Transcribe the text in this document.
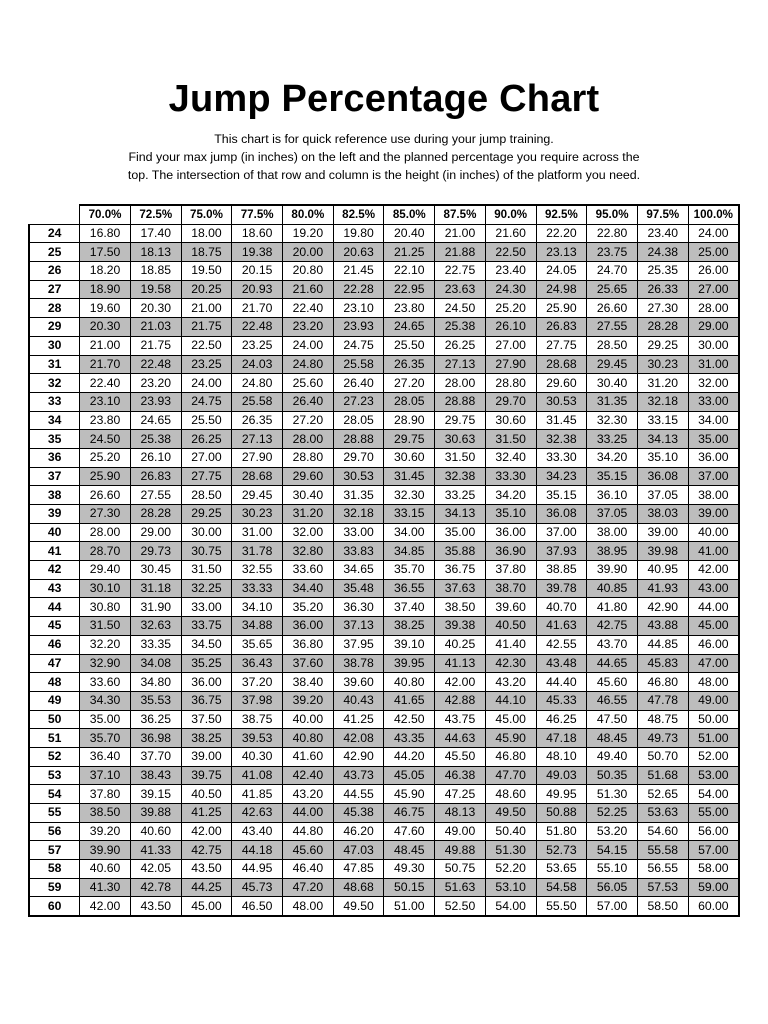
Jump Percentage Chart
This chart is for quick reference use during your jump training.
Find your max jump (in inches) on the left and the planned percentage you require across the
top. The intersection of that row and column is the height (in inches) of the platform you need.
	70.0%	72.5%	75.0%	77.5%	80.0%	82.5%	85.0%	87.5%	90.0%	92.5%	95.0%	97.5%	100.0%
24	16.80	17.40	18.00	18.60	19.20	19.80	20.40	21.00	21.60	22.20	22.80	23.40	24.00
25	17.50	18.13	18.75	19.38	20.00	20.63	21.25	21.88	22.50	23.13	23.75	24.38	25.00
26	18.20	18.85	19.50	20.15	20.80	21.45	22.10	22.75	23.40	24.05	24.70	25.35	26.00
27	18.90	19.58	20.25	20.93	21.60	22.28	22.95	23.63	24.30	24.98	25.65	26.33	27.00
28	19.60	20.30	21.00	21.70	22.40	23.10	23.80	24.50	25.20	25.90	26.60	27.30	28.00
29	20.30	21.03	21.75	22.48	23.20	23.93	24.65	25.38	26.10	26.83	27.55	28.28	29.00
30	21.00	21.75	22.50	23.25	24.00	24.75	25.50	26.25	27.00	27.75	28.50	29.25	30.00
31	21.70	22.48	23.25	24.03	24.80	25.58	26.35	27.13	27.90	28.68	29.45	30.23	31.00
32	22.40	23.20	24.00	24.80	25.60	26.40	27.20	28.00	28.80	29.60	30.40	31.20	32.00
33	23.10	23.93	24.75	25.58	26.40	27.23	28.05	28.88	29.70	30.53	31.35	32.18	33.00
34	23.80	24.65	25.50	26.35	27.20	28.05	28.90	29.75	30.60	31.45	32.30	33.15	34.00
35	24.50	25.38	26.25	27.13	28.00	28.88	29.75	30.63	31.50	32.38	33.25	34.13	35.00
36	25.20	26.10	27.00	27.90	28.80	29.70	30.60	31.50	32.40	33.30	34.20	35.10	36.00
37	25.90	26.83	27.75	28.68	29.60	30.53	31.45	32.38	33.30	34.23	35.15	36.08	37.00
38	26.60	27.55	28.50	29.45	30.40	31.35	32.30	33.25	34.20	35.15	36.10	37.05	38.00
39	27.30	28.28	29.25	30.23	31.20	32.18	33.15	34.13	35.10	36.08	37.05	38.03	39.00
40	28.00	29.00	30.00	31.00	32.00	33.00	34.00	35.00	36.00	37.00	38.00	39.00	40.00
41	28.70	29.73	30.75	31.78	32.80	33.83	34.85	35.88	36.90	37.93	38.95	39.98	41.00
42	29.40	30.45	31.50	32.55	33.60	34.65	35.70	36.75	37.80	38.85	39.90	40.95	42.00
43	30.10	31.18	32.25	33.33	34.40	35.48	36.55	37.63	38.70	39.78	40.85	41.93	43.00
44	30.80	31.90	33.00	34.10	35.20	36.30	37.40	38.50	39.60	40.70	41.80	42.90	44.00
45	31.50	32.63	33.75	34.88	36.00	37.13	38.25	39.38	40.50	41.63	42.75	43.88	45.00
46	32.20	33.35	34.50	35.65	36.80	37.95	39.10	40.25	41.40	42.55	43.70	44.85	46.00
47	32.90	34.08	35.25	36.43	37.60	38.78	39.95	41.13	42.30	43.48	44.65	45.83	47.00
48	33.60	34.80	36.00	37.20	38.40	39.60	40.80	42.00	43.20	44.40	45.60	46.80	48.00
49	34.30	35.53	36.75	37.98	39.20	40.43	41.65	42.88	44.10	45.33	46.55	47.78	49.00
50	35.00	36.25	37.50	38.75	40.00	41.25	42.50	43.75	45.00	46.25	47.50	48.75	50.00
51	35.70	36.98	38.25	39.53	40.80	42.08	43.35	44.63	45.90	47.18	48.45	49.73	51.00
52	36.40	37.70	39.00	40.30	41.60	42.90	44.20	45.50	46.80	48.10	49.40	50.70	52.00
53	37.10	38.43	39.75	41.08	42.40	43.73	45.05	46.38	47.70	49.03	50.35	51.68	53.00
54	37.80	39.15	40.50	41.85	43.20	44.55	45.90	47.25	48.60	49.95	51.30	52.65	54.00
55	38.50	39.88	41.25	42.63	44.00	45.38	46.75	48.13	49.50	50.88	52.25	53.63	55.00
56	39.20	40.60	42.00	43.40	44.80	46.20	47.60	49.00	50.40	51.80	53.20	54.60	56.00
57	39.90	41.33	42.75	44.18	45.60	47.03	48.45	49.88	51.30	52.73	54.15	55.58	57.00
58	40.60	42.05	43.50	44.95	46.40	47.85	49.30	50.75	52.20	53.65	55.10	56.55	58.00
59	41.30	42.78	44.25	45.73	47.20	48.68	50.15	51.63	53.10	54.58	56.05	57.53	59.00
60	42.00	43.50	45.00	46.50	48.00	49.50	51.00	52.50	54.00	55.50	57.00	58.50	60.00
